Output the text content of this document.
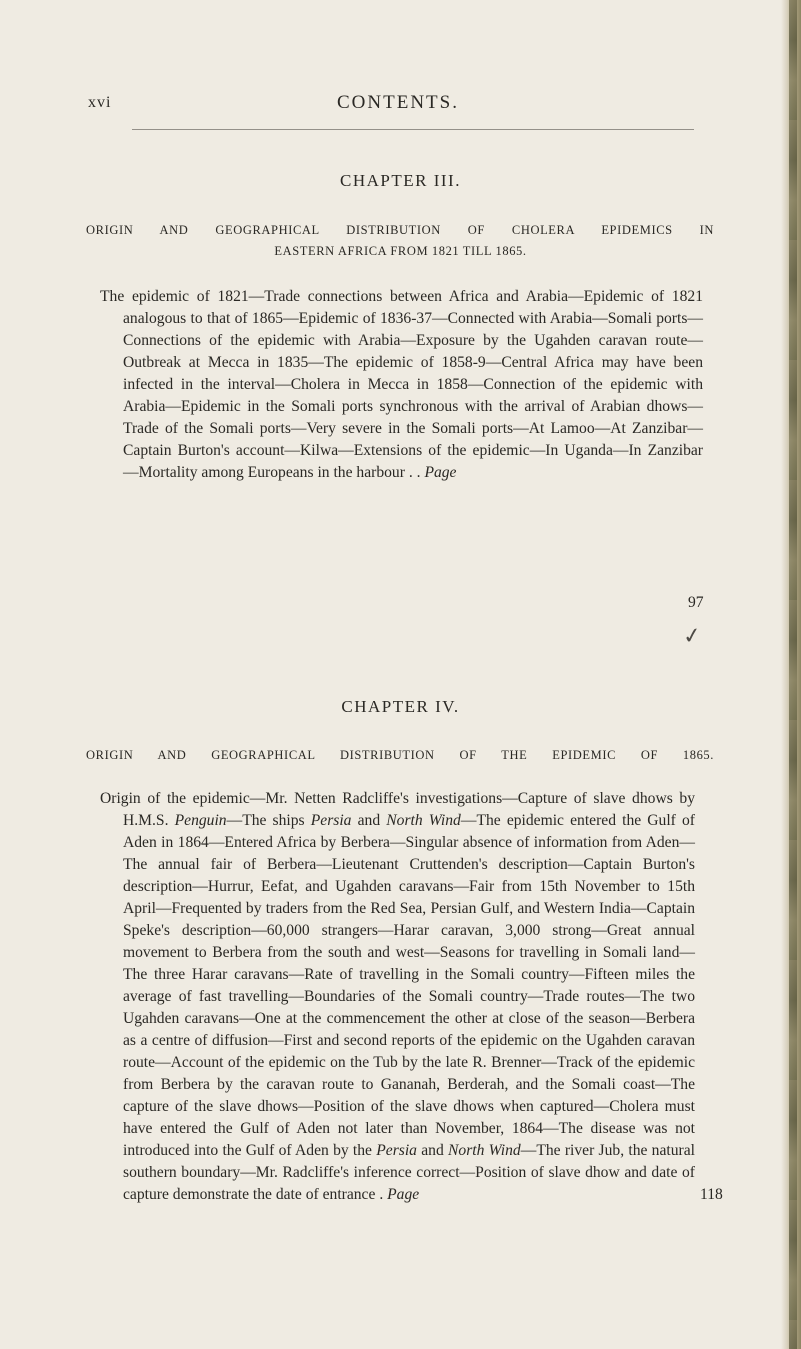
xvi	CONTENTS.
CHAPTER III.
ORIGIN AND GEOGRAPHICAL DISTRIBUTION OF CHOLERA EPIDEMICS IN
EASTERN AFRICA FROM 1821 TILL 1865.

The epidemic of 1821—Trade connections between Africa and Arabia—Epidemic of 1821 analogous to that of 1865—Epidemic of 1836-37—Connected with Arabia—Somali ports—Connections of the epidemic with Arabia—Exposure by the Ugahden caravan route—Outbreak at Mecca in 1835—The epidemic of 1858-9—Central Africa may have been infected in the interval—Cholera in Mecca in 1858—Connection of the epidemic with Arabia—Epidemic in the Somali ports synchronous with the arrival of Arabian dhows—Trade of the Somali ports—Very severe in the Somali ports—At Lamoo—At Zanzibar—Captain Burton's account—Kilwa—Extensions of the epidemic—In Uganda—In Zanzibar—Mortality among Europeans in the harbour . . Page

97
✓
CHAPTER IV.
ORIGIN AND GEOGRAPHICAL DISTRIBUTION OF THE EPIDEMIC OF 1865.

Origin of the epidemic—Mr. Netten Radcliffe's investigations—Capture of slave dhows by H.M.S. Penguin—The ships Persia and North Wind—The epidemic entered the Gulf of Aden in 1864—Entered Africa by Berbera—Singular absence of information from Aden—The annual fair of Berbera—Lieutenant Cruttenden's description—Captain Burton's description—Hurrur, Eefat, and Ugahden caravans—Fair from 15th November to 15th April—Frequented by traders from the Red Sea, Persian Gulf, and Western India—Captain Speke's description—60,000 strangers—Harar caravan, 3,000 strong—Great annual movement to Berbera from the south and west—Seasons for travelling in Somali land—The three Harar caravans—Rate of travelling in the Somali country—Fifteen miles the average of fast travelling—Boundaries of the Somali country—Trade routes—The two Ugahden caravans—One at the commencement the other at close of the season—Berbera as a centre of diffusion—First and second reports of the epidemic on the Ugahden caravan route—Account of the epidemic on the Tub by the late R. Brenner—Track of the epidemic from Berbera by the caravan route to Gananah, Berderah, and the Somali coast—The capture of the slave dhows—Position of the slave dhows when captured—Cholera must have entered the Gulf of Aden not later than November, 1864—The disease was not introduced into the Gulf of Aden by the Persia and North Wind—The river Jub, the natural southern boundary—Mr. Radcliffe's inference correct—Position of slave dhow and date of capture demonstrate the date of entrance . Page	118
